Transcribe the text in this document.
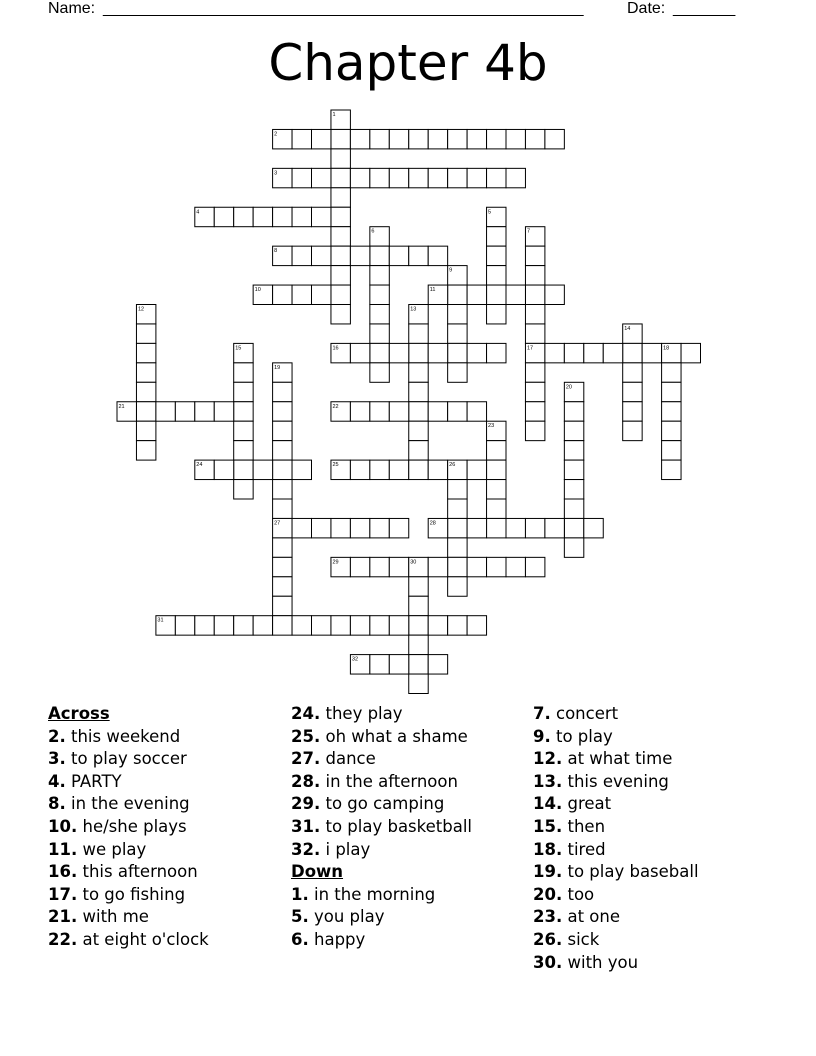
Name: ______________________________________________________	Date: _______
Chapter 4b
1
2
3
4	5
6	7
8
9
10	11
12	13
14
15	16	17	18
19
20
21	22
23
24	25	26
27	28
29	30
31
32
Across
2. this weekend
3. to play soccer
4. PARTY
8. in the evening
10. he/she plays
11. we play
16. this afternoon
17. to go fishing
21. with me
22. at eight o'clock
24. they play
25. oh what a shame
27. dance
28. in the afternoon
29. to go camping
31. to play basketball
32. i play
Down
1. in the morning
5. you play
6. happy
7. concert
9. to play
12. at what time
13. this evening
14. great
15. then
18. tired
19. to play baseball
20. too
23. at one
26. sick
30. with you
